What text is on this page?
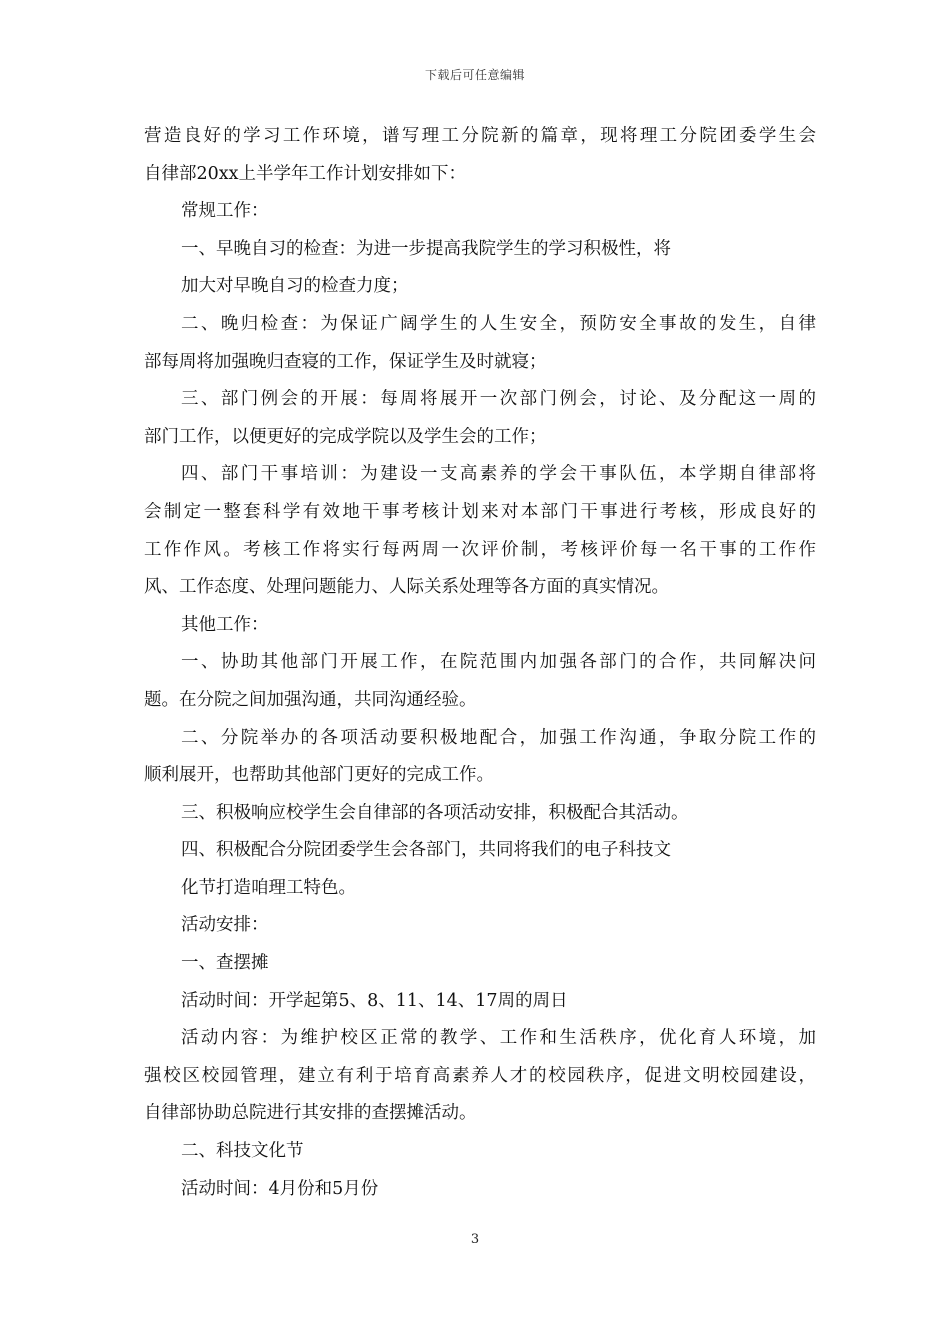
下载后可任意编辑
营造良好的学习工作环境，谱写理工分院新的篇章，现将理工分院团委学生会
自律部20xx上半学年工作计划安排如下：
常规工作：
一、早晚自习的检查：为进一步提高我院学生的学习积极性，将
加大对早晚自习的检查力度；
二、晚归检查：为保证广阔学生的人生安全，预防安全事故的发生，自律
部每周将加强晚归查寝的工作，保证学生及时就寝；
三、部门例会的开展：每周将展开一次部门例会，讨论、及分配这一周的
部门工作，以便更好的完成学院以及学生会的工作；
四、部门干事培训：为建设一支高素养的学会干事队伍，本学期自律部将
会制定一整套科学有效地干事考核计划来对本部门干事进行考核，形成良好的
工作作风。考核工作将实行每两周一次评价制，考核评价每一名干事的工作作
风、工作态度、处理问题能力、人际关系处理等各方面的真实情况。
其他工作：
一、协助其他部门开展工作，在院范围内加强各部门的合作，共同解决问
题。在分院之间加强沟通，共同沟通经验。
二、分院举办的各项活动要积极地配合，加强工作沟通，争取分院工作的
顺利展开，也帮助其他部门更好的完成工作。
三、积极响应校学生会自律部的各项活动安排，积极配合其活动。
四、积极配合分院团委学生会各部门，共同将我们的电子科技文
化节打造咱理工特色。
活动安排：
一、查摆摊
活动时间：开学起第5、8、11、14、17周的周日
活动内容：为维护校区正常的教学、工作和生活秩序，优化育人环境，加
强校区校园管理，建立有利于培育高素养人才的校园秩序，促进文明校园建设，
自律部协助总院进行其安排的查摆摊活动。
二、科技文化节
活动时间：4月份和5月份
3
